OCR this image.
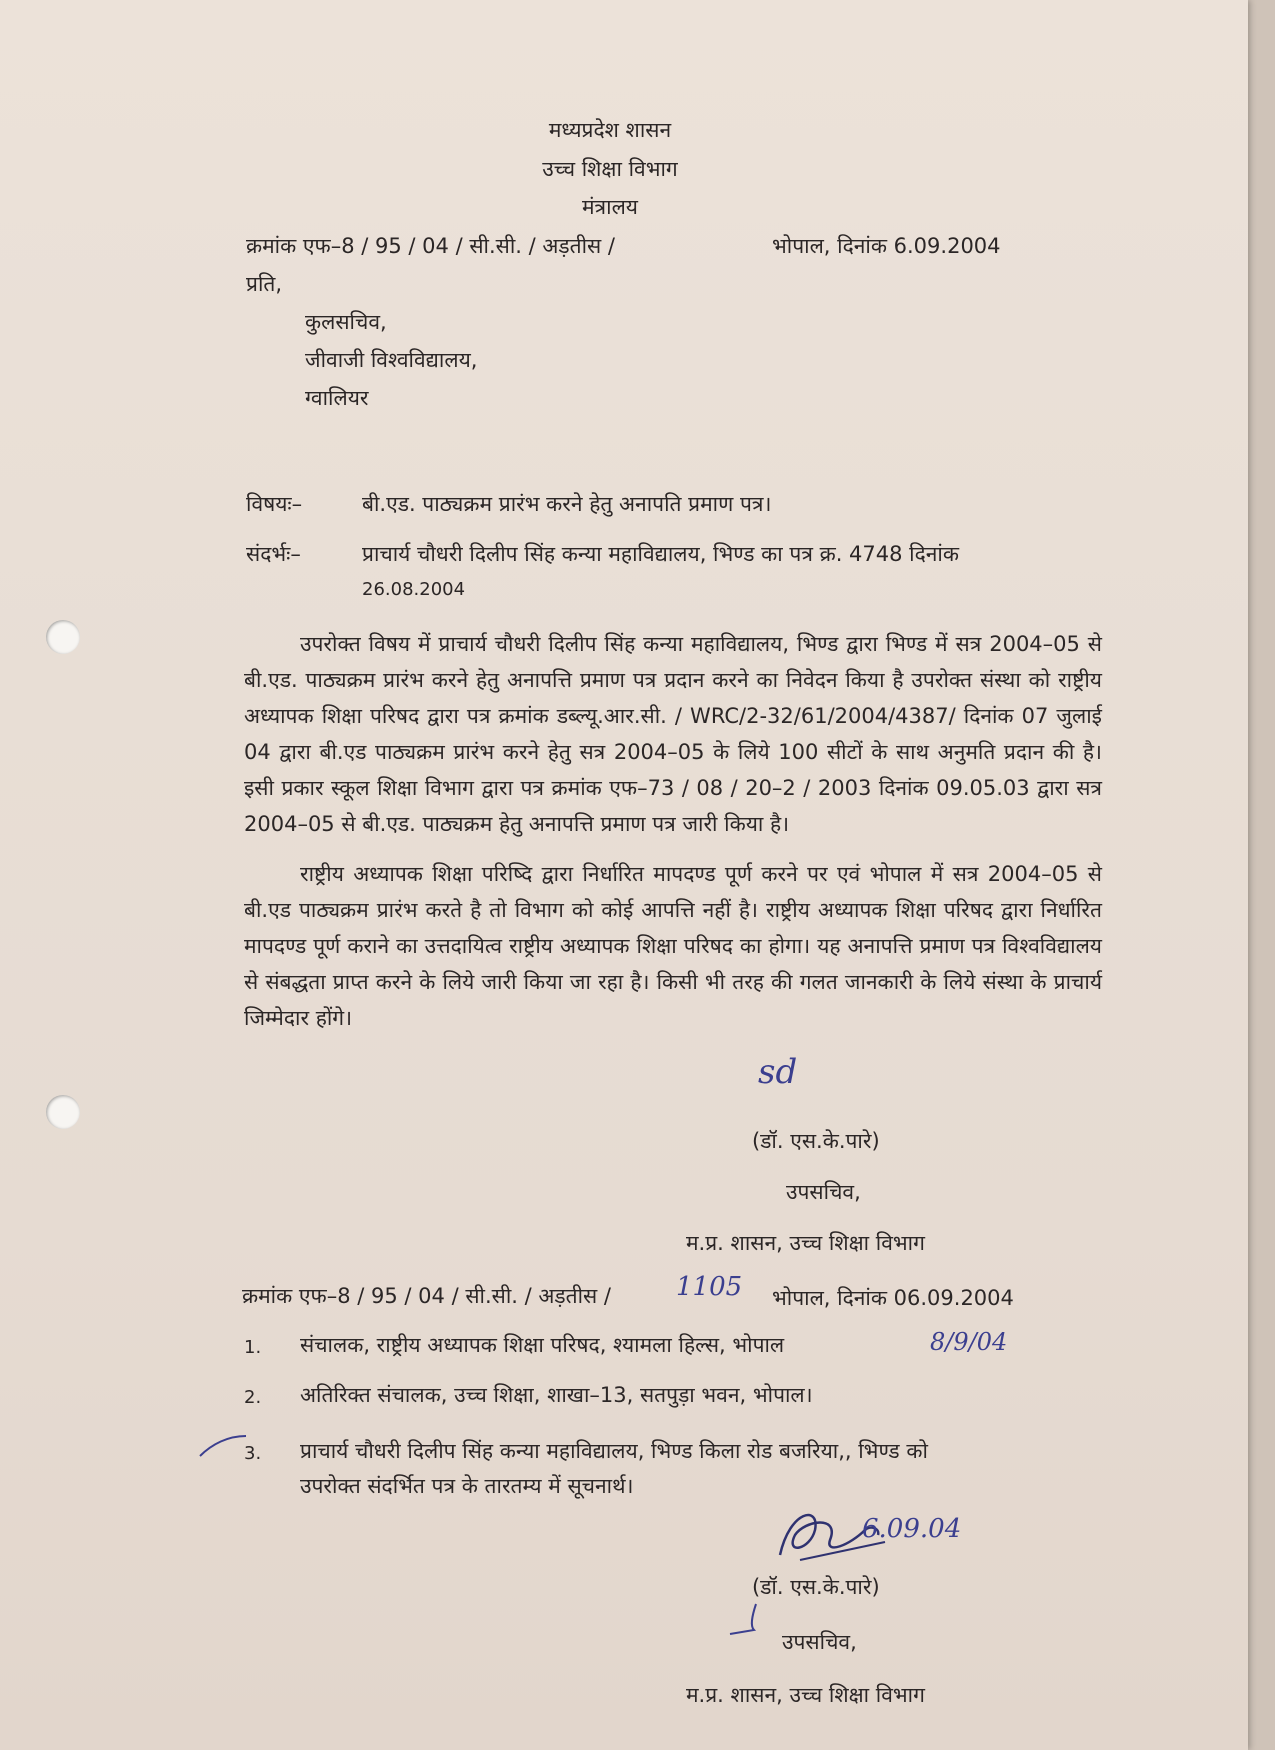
मध्यप्रदेश शासन
उच्च शिक्षा विभाग
मंत्रालय
क्रमांक एफ–8 / 95 / 04 / सी.सी. / अड़तीस /	भोपाल, दिनांक 6.09.2004
प्रति,
कुलसचिव,
जीवाजी विश्वविद्यालय,
ग्वालियर
विषयः–	बी.एड. पाठ्यक्रम प्रारंभ करने हेतु अनापति प्रमाण पत्र।
संदर्भः–	प्राचार्य चौधरी दिलीप सिंह कन्या महाविद्यालय, भिण्ड का पत्र क्र. 4748 दिनांक
26.08.2004

उपरोक्त विषय में प्राचार्य चौधरी दिलीप सिंह कन्या महाविद्यालय, भिण्ड द्वारा भिण्ड में सत्र 2004–05 से बी.एड. पाठ्यक्रम प्रारंभ करने हेतु अनापत्ति प्रमाण पत्र प्रदान करने का निवेदन किया है उपरोक्त संस्था को राष्ट्रीय अध्यापक शिक्षा परिषद द्वारा पत्र क्रमांक डब्ल्यू.आर.सी. / WRC/2-32/61/2004/4387/ दिनांक 07 जुलाई 04 द्वारा बी.एड पाठ्यक्रम प्रारंभ करने हेतु सत्र 2004–05 के लिये 100 सीटों के साथ अनुमति प्रदान की है। इसी प्रकार स्कूल शिक्षा विभाग द्वारा पत्र क्रमांक एफ–73 / 08 / 20–2 / 2003 दिनांक 09.05.03 द्वारा सत्र 2004–05 से बी.एड. पाठ्यक्रम हेतु अनापत्ति प्रमाण पत्र जारी किया है।

राष्ट्रीय अध्यापक शिक्षा परिष्दि द्वारा निर्धारित मापदण्ड पूर्ण करने पर एवं भोपाल में सत्र 2004–05 से बी.एड पाठ्यक्रम प्रारंभ करते है तो विभाग को कोई आपत्ति नहीं है। राष्ट्रीय अध्यापक शिक्षा परिषद द्वारा निर्धारित मापदण्ड पूर्ण कराने का उत्तदायित्व राष्ट्रीय अध्यापक शिक्षा परिषद का होगा। यह अनापत्ति प्रमाण पत्र विश्वविद्यालय से संबद्धता प्राप्त करने के लिये जारी किया जा रहा है। किसी भी तरह की गलत जानकारी के लिये संस्था के प्राचार्य जिम्मेदार होंगे।

sd
(डॉ. एस.के.पारे)
उपसचिव,
म.प्र. शासन, उच्च शिक्षा विभाग
क्रमांक एफ–8 / 95 / 04 / सी.सी. / अड़तीस /	1105 भोपाल, दिनांक 06.09.2004
1. संचालक, राष्ट्रीय अध्यापक शिक्षा परिषद, श्यामला हिल्स, भोपाल	8/9/04
2. अतिरिक्त संचालक, उच्च शिक्षा, शाखा–13, सतपुड़ा भवन, भोपाल।
3. प्राचार्य चौधरी दिलीप सिंह कन्या महाविद्यालय, भिण्ड किला रोड बजरिया,, भिण्ड को
उपरोक्त संदर्भित पत्र के तारतम्य में सूचनार्थ।
6.09.04
(डॉ. एस.के.पारे)
उपसचिव,
म.प्र. शासन, उच्च शिक्षा विभाग
